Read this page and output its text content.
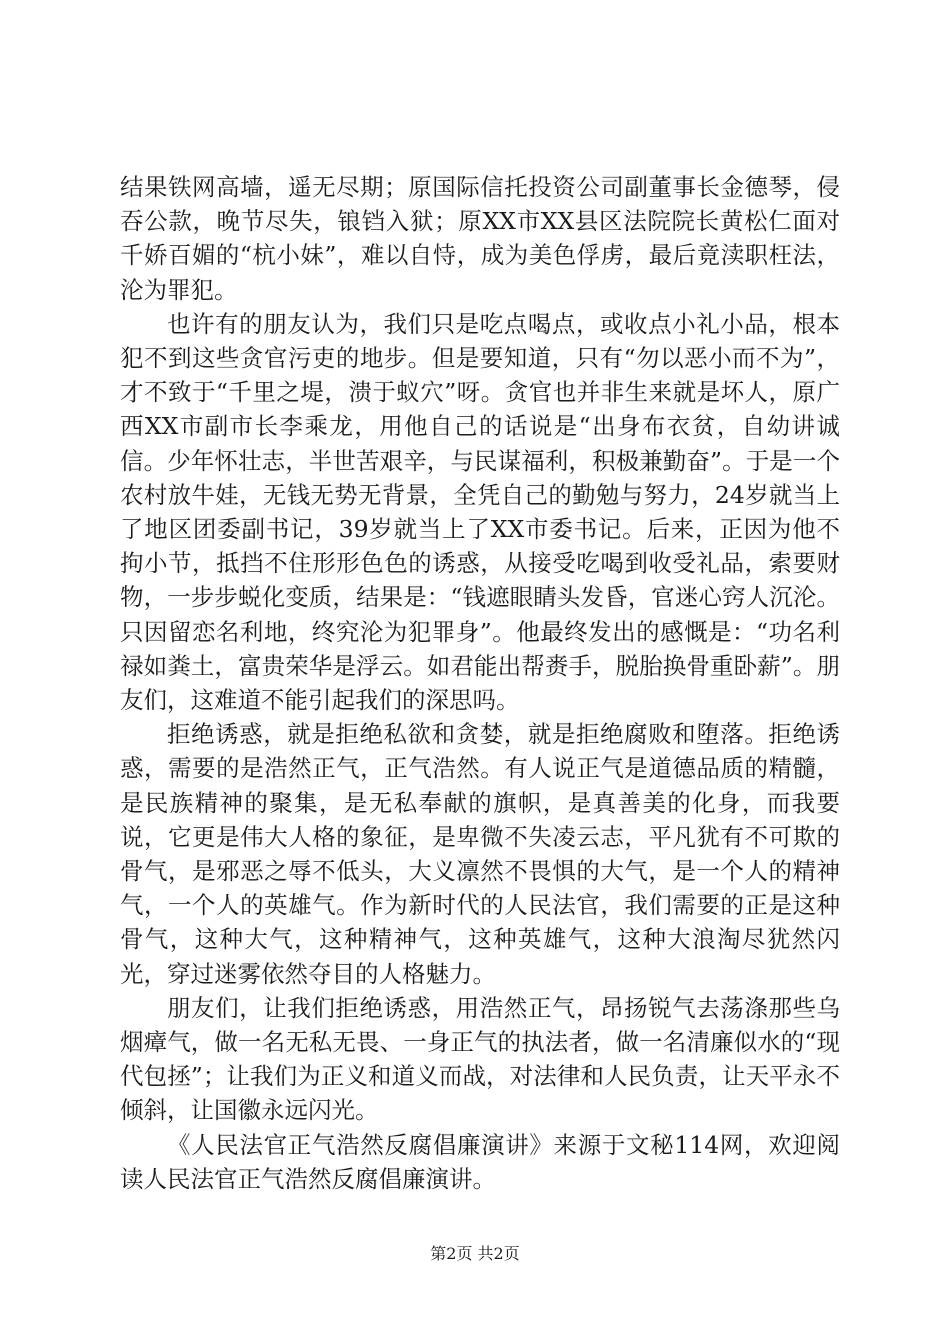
结果铁网高墙，遥无尽期；原国际信托投资公司副董事长金德琴，侵吞公款，晚节尽失，锒铛入狱；原XX市XX县区法院院长黄松仁面对千娇百媚的“杭小妹”，难以自恃，成为美色俘虏，最后竟渎职枉法，沦为罪犯。

也许有的朋友认为，我们只是吃点喝点，或收点小礼小品，根本犯不到这些贪官污吏的地步。但是要知道，只有“勿以恶小而不为”，才不致于“千里之堤，溃于蚁穴”呀。贪官也并非生来就是坏人，原广西XX市副市长李乘龙，用他自己的话说是“出身布衣贫，自幼讲诚信。少年怀壮志，半世苦艰辛，与民谋福利，积极兼勤奋”。于是一个农村放牛娃，无钱无势无背景，全凭自己的勤勉与努力，24岁就当上了地区团委副书记，39岁就当上了XX市委书记。后来，正因为他不拘小节，抵挡不住形形色色的诱惑，从接受吃喝到收受礼品，索要财物，一步步蜕化变质，结果是：“钱遮眼睛头发昏，官迷心窍人沉沦。只因留恋名利地，终究沦为犯罪身”。他最终发出的感慨是：“功名利禄如粪土，富贵荣华是浮云。如君能出帮赉手，脱胎换骨重卧薪”。朋友们，这难道不能引起我们的深思吗。

拒绝诱惑，就是拒绝私欲和贪婪，就是拒绝腐败和堕落。拒绝诱惑，需要的是浩然正气，正气浩然。有人说正气是道德品质的精髓，是民族精神的聚集，是无私奉献的旗帜，是真善美的化身，而我要说，它更是伟大人格的象征，是卑微不失凌云志，平凡犹有不可欺的骨气，是邪恶之辱不低头，大义凛然不畏惧的大气，是一个人的精神气，一个人的英雄气。作为新时代的人民法官，我们需要的正是这种骨气，这种大气，这种精神气，这种英雄气，这种大浪淘尽犹然闪光，穿过迷雾依然夺目的人格魅力。

朋友们，让我们拒绝诱惑，用浩然正气，昂扬锐气去荡涤那些乌烟瘴气，做一名无私无畏、一身正气的执法者，做一名清廉似水的“现代包拯”；让我们为正义和道义而战，对法律和人民负责，让天平永不倾斜，让国徽永远闪光。

《人民法官正气浩然反腐倡廉演讲》来源于文秘114网，欢迎阅读人民法官正气浩然反腐倡廉演讲。

第2页 共2页
